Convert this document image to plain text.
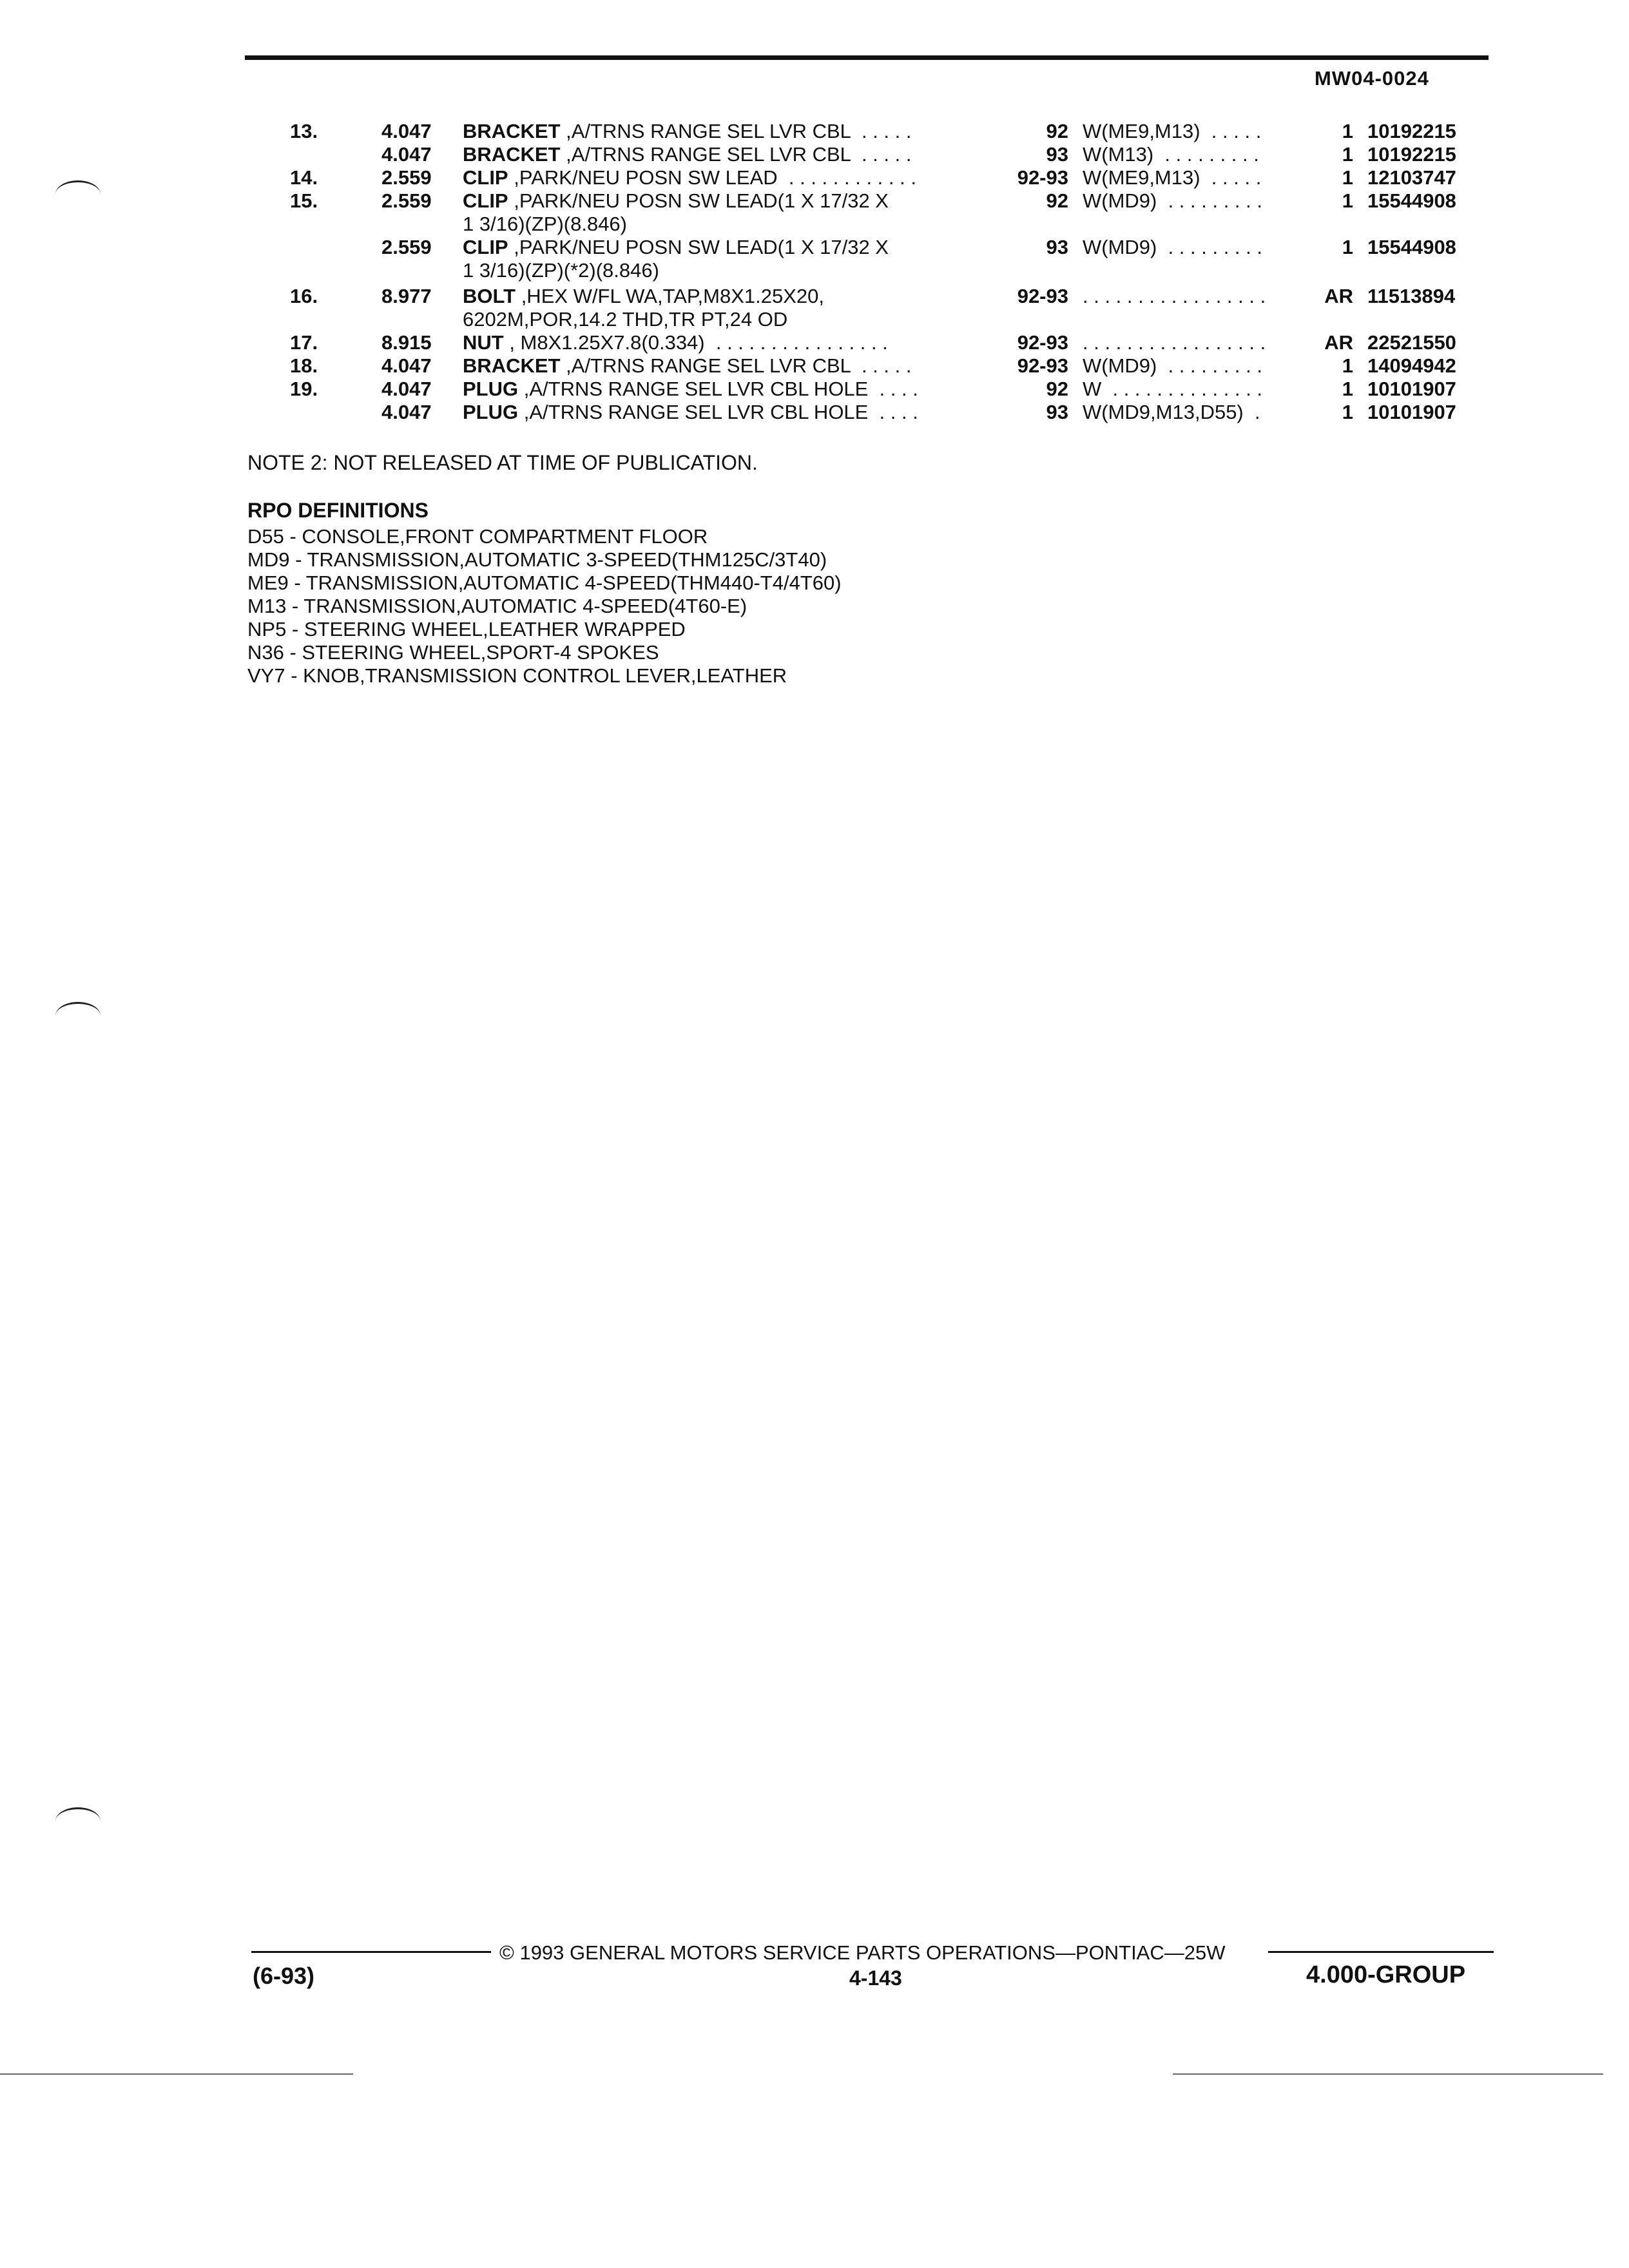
MW04-0024
13.	4.047 BRACKET ,A/TRNS RANGE SEL LVR CBL  . . . . .	92 W(ME9,M13)  . . . . .	1 10192215
4.047 BRACKET ,A/TRNS RANGE SEL LVR CBL  . . . . .	93 W(M13)  . . . . . . . . .	1 10192215
14.	2.559 CLIP ,PARK/NEU POSN SW LEAD  . . . . . . . . . . . .	92-93 W(ME9,M13)  . . . . .	1 12103747
15.	2.559 CLIP ,PARK/NEU POSN SW LEAD(1 X 17/32 X	92 W(MD9)  . . . . . . . . .	1 15544908
1 3/16)(ZP)(8.846)
2.559 CLIP ,PARK/NEU POSN SW LEAD(1 X 17/32 X	93 W(MD9)  . . . . . . . . .	1 15544908
1 3/16)(ZP)(*2)(8.846)
16.	8.977 BOLT ,HEX W/FL WA,TAP,M8X1.25X20,	92-93 . . . . . . . . . . . . . . . . .	AR 11513894
6202M,POR,14.2 THD,TR PT,24 OD
17.	8.915 NUT , M8X1.25X7.8(0.334)  . . . . . . . . . . . . . . . .	92-93 . . . . . . . . . . . . . . . . .	AR 22521550
18.	4.047 BRACKET ,A/TRNS RANGE SEL LVR CBL  . . . . .	92-93 W(MD9)  . . . . . . . . .	1 14094942
19.	4.047 PLUG ,A/TRNS RANGE SEL LVR CBL HOLE  . . . .	92 W  . . . . . . . . . . . . . .	1 10101907
4.047 PLUG ,A/TRNS RANGE SEL LVR CBL HOLE  . . . .	93 W(MD9,M13,D55)  .	1 10101907
NOTE 2: NOT RELEASED AT TIME OF PUBLICATION.
RPO DEFINITIONS
D55 - CONSOLE,FRONT COMPARTMENT FLOOR
MD9 - TRANSMISSION,AUTOMATIC 3-SPEED(THM125C/3T40)
ME9 - TRANSMISSION,AUTOMATIC 4-SPEED(THM440-T4/4T60)
M13 - TRANSMISSION,AUTOMATIC 4-SPEED(4T60-E)
NP5 - STEERING WHEEL,LEATHER WRAPPED
N36 - STEERING WHEEL,SPORT-4 SPOKES
VY7 - KNOB,TRANSMISSION CONTROL LEVER,LEATHER
© 1993 GENERAL MOTORS SERVICE PARTS OPERATIONS—PONTIAC—25W
(6-93)	4-143	4.000-GROUP
